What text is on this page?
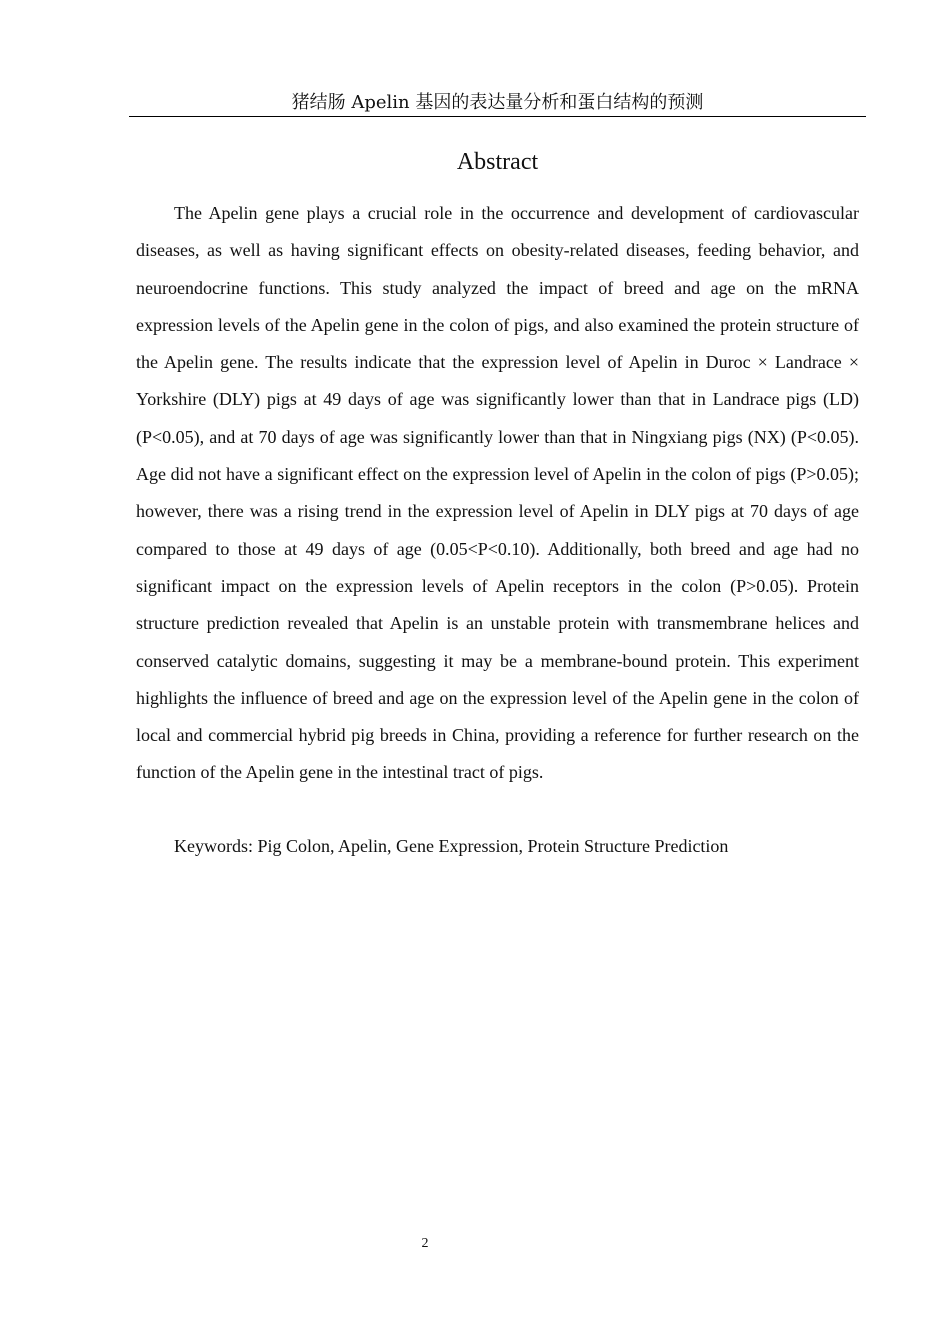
猪结肠 Apelin 基因的表达量分析和蛋白结构的预测
Abstract

The Apelin gene plays a crucial role in the occurrence and development of cardiovascular diseases, as well as having significant effects on obesity-related diseases, feeding behavior, and neuroendocrine functions. This study analyzed the impact of breed and age on the mRNA expression levels of the Apelin gene in the colon of pigs, and also examined the protein structure of the Apelin gene. The results indicate that the expression level of Apelin in Duroc × Landrace × Yorkshire (DLY) pigs at 49 days of age was significantly lower than that in Landrace pigs (LD) (P<0.05), and at 70 days of age was significantly lower than that in Ningxiang pigs (NX) (P<0.05). Age did not have a significant effect on the expression level of Apelin in the colon of pigs (P>0.05); however, there was a rising trend in the expression level of Apelin in DLY pigs at 70 days of age compared to those at 49 days of age (0.05<P<0.10). Additionally, both breed and age had no significant impact on the expression levels of Apelin receptors in the colon (P>0.05). Protein structure prediction revealed that Apelin is an unstable protein with transmembrane helices and conserved catalytic domains, suggesting it may be a membrane-bound protein. This experiment highlights the influence of breed and age on the expression level of the Apelin gene in the colon of local and commercial hybrid pig breeds in China, providing a reference for further research on the function of the Apelin gene in the intestinal tract of pigs.

Keywords: Pig Colon, Apelin, Gene Expression, Protein Structure Prediction

2
